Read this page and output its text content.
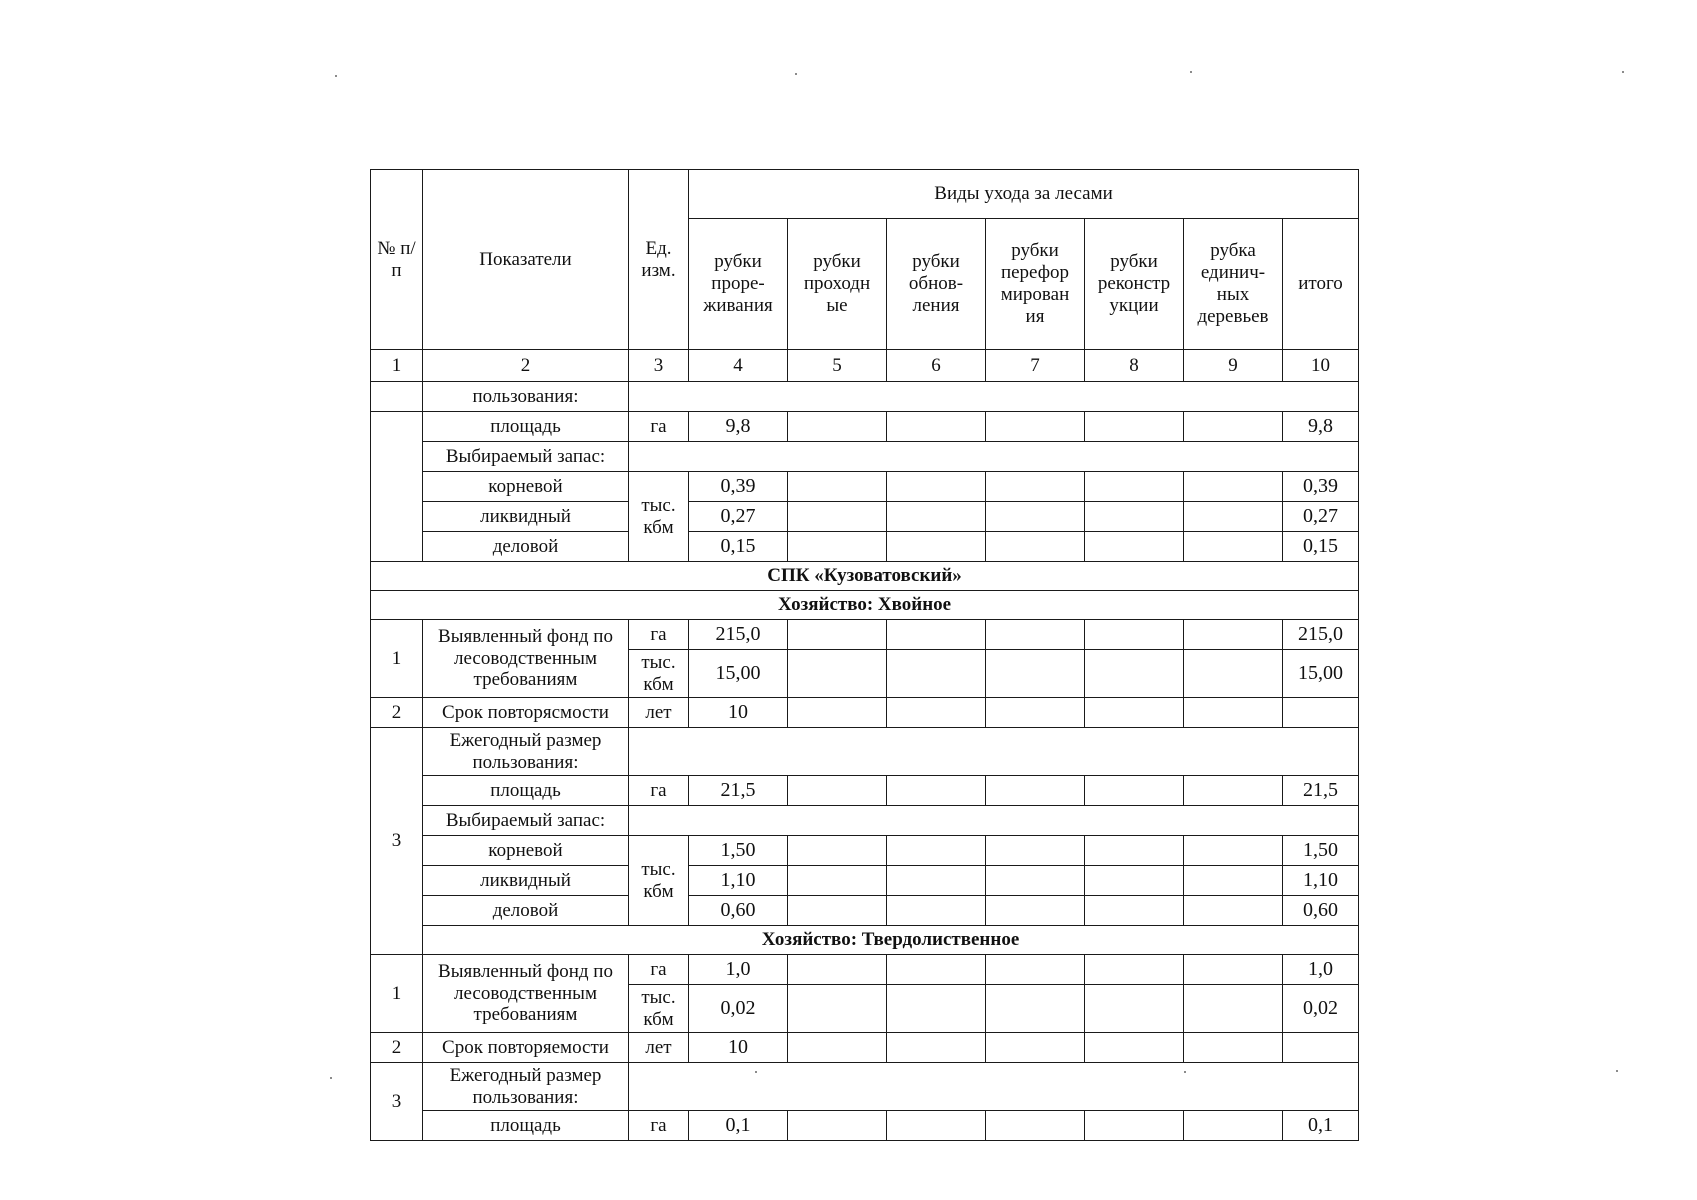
№ п/п	Показатели	Ед. изм.	Виды ухода за лесами						
			рубки проре-живания	рубки проходн ые	рубки обнов-ления	рубки перефор мирован ия	рубки реконстр укции	рубка единич-ных деревьев	итого
1	2	3	4	5	6	7	8	9	10
	пользования:								
	площадь	га	9,8						9,8
	Выбираемый запас:								
	корневой	тыс. кбм	0,39						0,39
	ликвидный		0,27						0,27
	деловой		0,15						0,15
СПК «Кузоватовский»									
Хозяйство: Хвойное									
1	Выявленный фонд по лесоводственным требованиям	га	215,0						215,0
		тыс. кбм	15,00						15,00
2	Срок повторясмости	лет	10						
3	Ежегодный размер пользования:								
	площадь	га	21,5						21,5
	Выбираемый запас:								
	корневой	тыс. кбм	1,50						1,50
	ликвидный		1,10						1,10
	деловой		0,60						0,60
	Хозяйство: Твердолиственное								
1	Выявленный фонд по лесоводственным требованиям	га	1,0						1,0
		тыс. кбм	0,02						0,02
2	Срок повторяемости	лет	10						
3	Ежегодный размер пользования:								
	площадь	га	0,1						0,1
